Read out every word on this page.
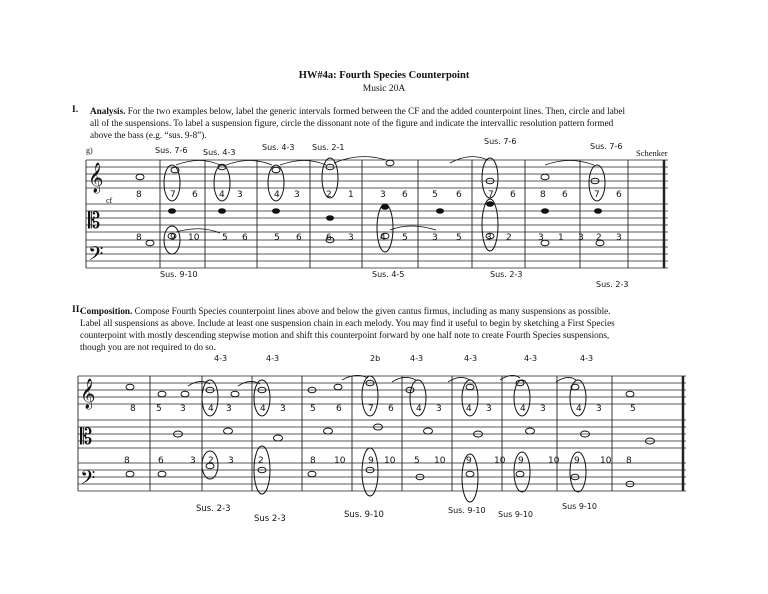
HW#4a: Fourth Species Counterpoint
Music 20A
I. Analysis. For the two examples below, label the generic intervals formed between the CF and the added counterpoint lines. Then, circle and label
all of the suspensions. To label a suspension figure, circle the dissonant note of the figure and indicate the intervallic resolution pattern formed
above the bass (e.g. “sus. 9-8”).
𝄞
𝄡
𝄢
g)
cf
Schenker
Sus. 7-6 Sus. 4-3
Sus. 4-3 Sus. 2-1
Sus. 7-6
Sus. 7-6
8	7 6 4 3	4 3	2 1	3 6	5 6	7 6	8 6	7 6
8	9 10	5 6	5 6	6 3	4 5	3 5	3 2	3 1 3 2 3
Sus. 9-10	Sus. 4-5	Sus. 2-3
Sus. 2-3
II.
Composition. Compose Fourth Species counterpoint lines above and below the given cantus firmus, including as many suspensions as possible.
Label all suspensions as above. Include at least one suspension chain in each melody. You may find it useful to begin by sketching a First Species
counterpoint with mostly descending stepwise motion and shift this counterpoint forward by one half note to create Fourth Species suspensions,
though you are not required to do so.
𝄞
𝄡
𝄢
4-3	4-3	2b	4-3	4-3	4-3	4-3
8 5 3 4 3	4 3	5 6	7 6 4 3	4 3	4 3	4 3	5
8	6	3 2 3	2	8 10	9 10 5 10 9 10 9	10 9 10 8
Sus. 2-3
Sus 2-3	Sus. 9-10	Sus. 9-10 Sus 9-10
Sus 9-10
